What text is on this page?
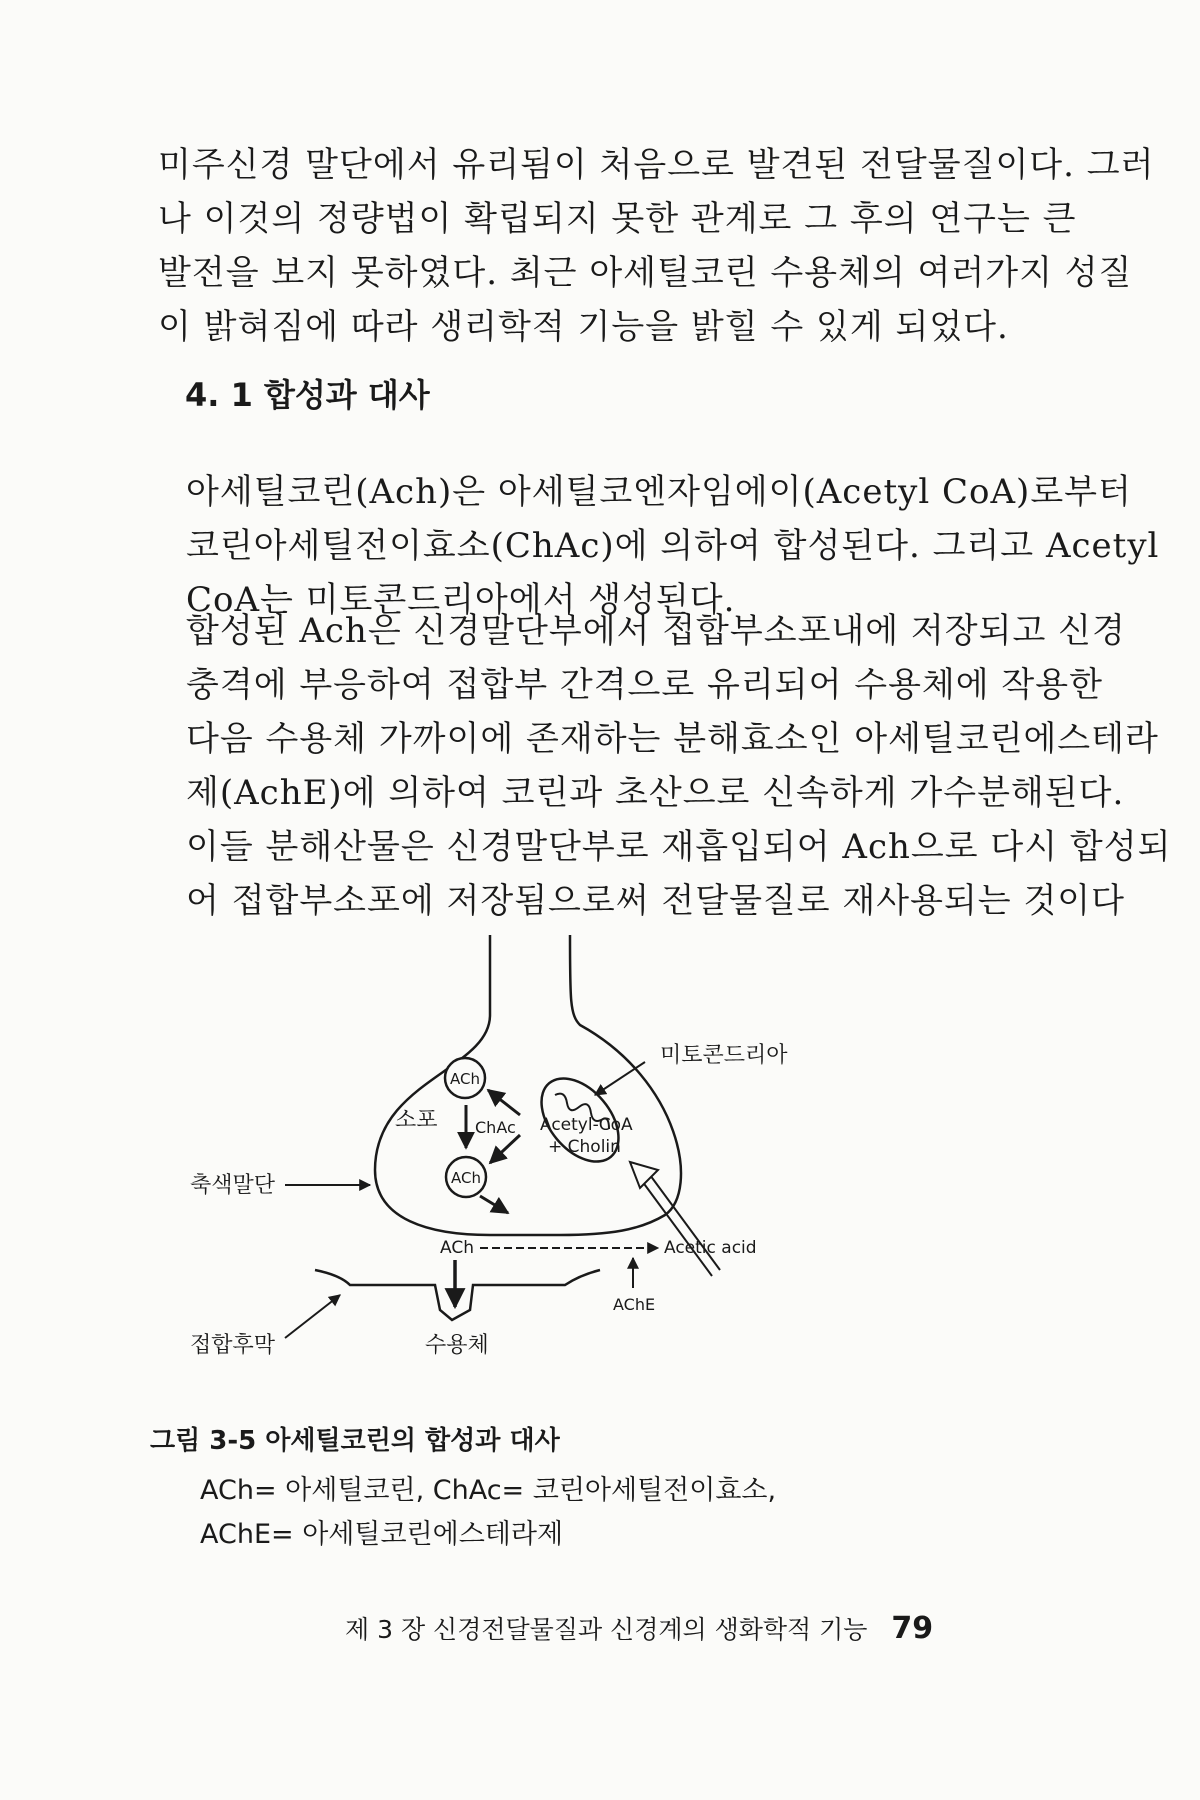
미주신경 말단에서 유리됨이 처음으로 발견된 전달물질이다. 그러
나 이것의 정량법이 확립되지 못한 관계로 그 후의 연구는 큰
발전을 보지 못하였다. 최근 아세틸코린 수용체의 여러가지 성질
이 밝혀짐에 따라 생리학적 기능을 밝힐 수 있게 되었다.

4. 1 합성과 대사

아세틸코린(Ach)은 아세틸코엔자임에이(Acetyl CoA)로부터
코린아세틸전이효소(ChAc)에 의하여 합성된다. 그리고 Acetyl
CoA는 미토콘드리아에서 생성된다.

합성된 Ach은 신경말단부에서 접합부소포내에 저장되고 신경
충격에 부응하여 접합부 간격으로 유리되어 수용체에 작용한
다음 수용체 가까이에 존재하는 분해효소인 아세틸코린에스테라
제(AchE)에 의하여 코린과 초산으로 신속하게 가수분해된다.
이들 분해산물은 신경말단부로 재흡입되어 Ach으로 다시 합성되
어 접합부소포에 저장됨으로써 전달물질로 재사용되는 것이다

미토콘드리아
ACh
ACh
소포 ChAc Acetyl-CoA
+ Cholin
축색말단
ACh	Acetic acid
AChE
접합후막	수용체
그림 3-5 아세틸코린의 합성과 대사
ACh= 아세틸코린, ChAc= 코린아세틸전이효소,
AChE= 아세틸코린에스테라제
제 3 장 신경전달물질과 신경계의 생화학적 기능 79
